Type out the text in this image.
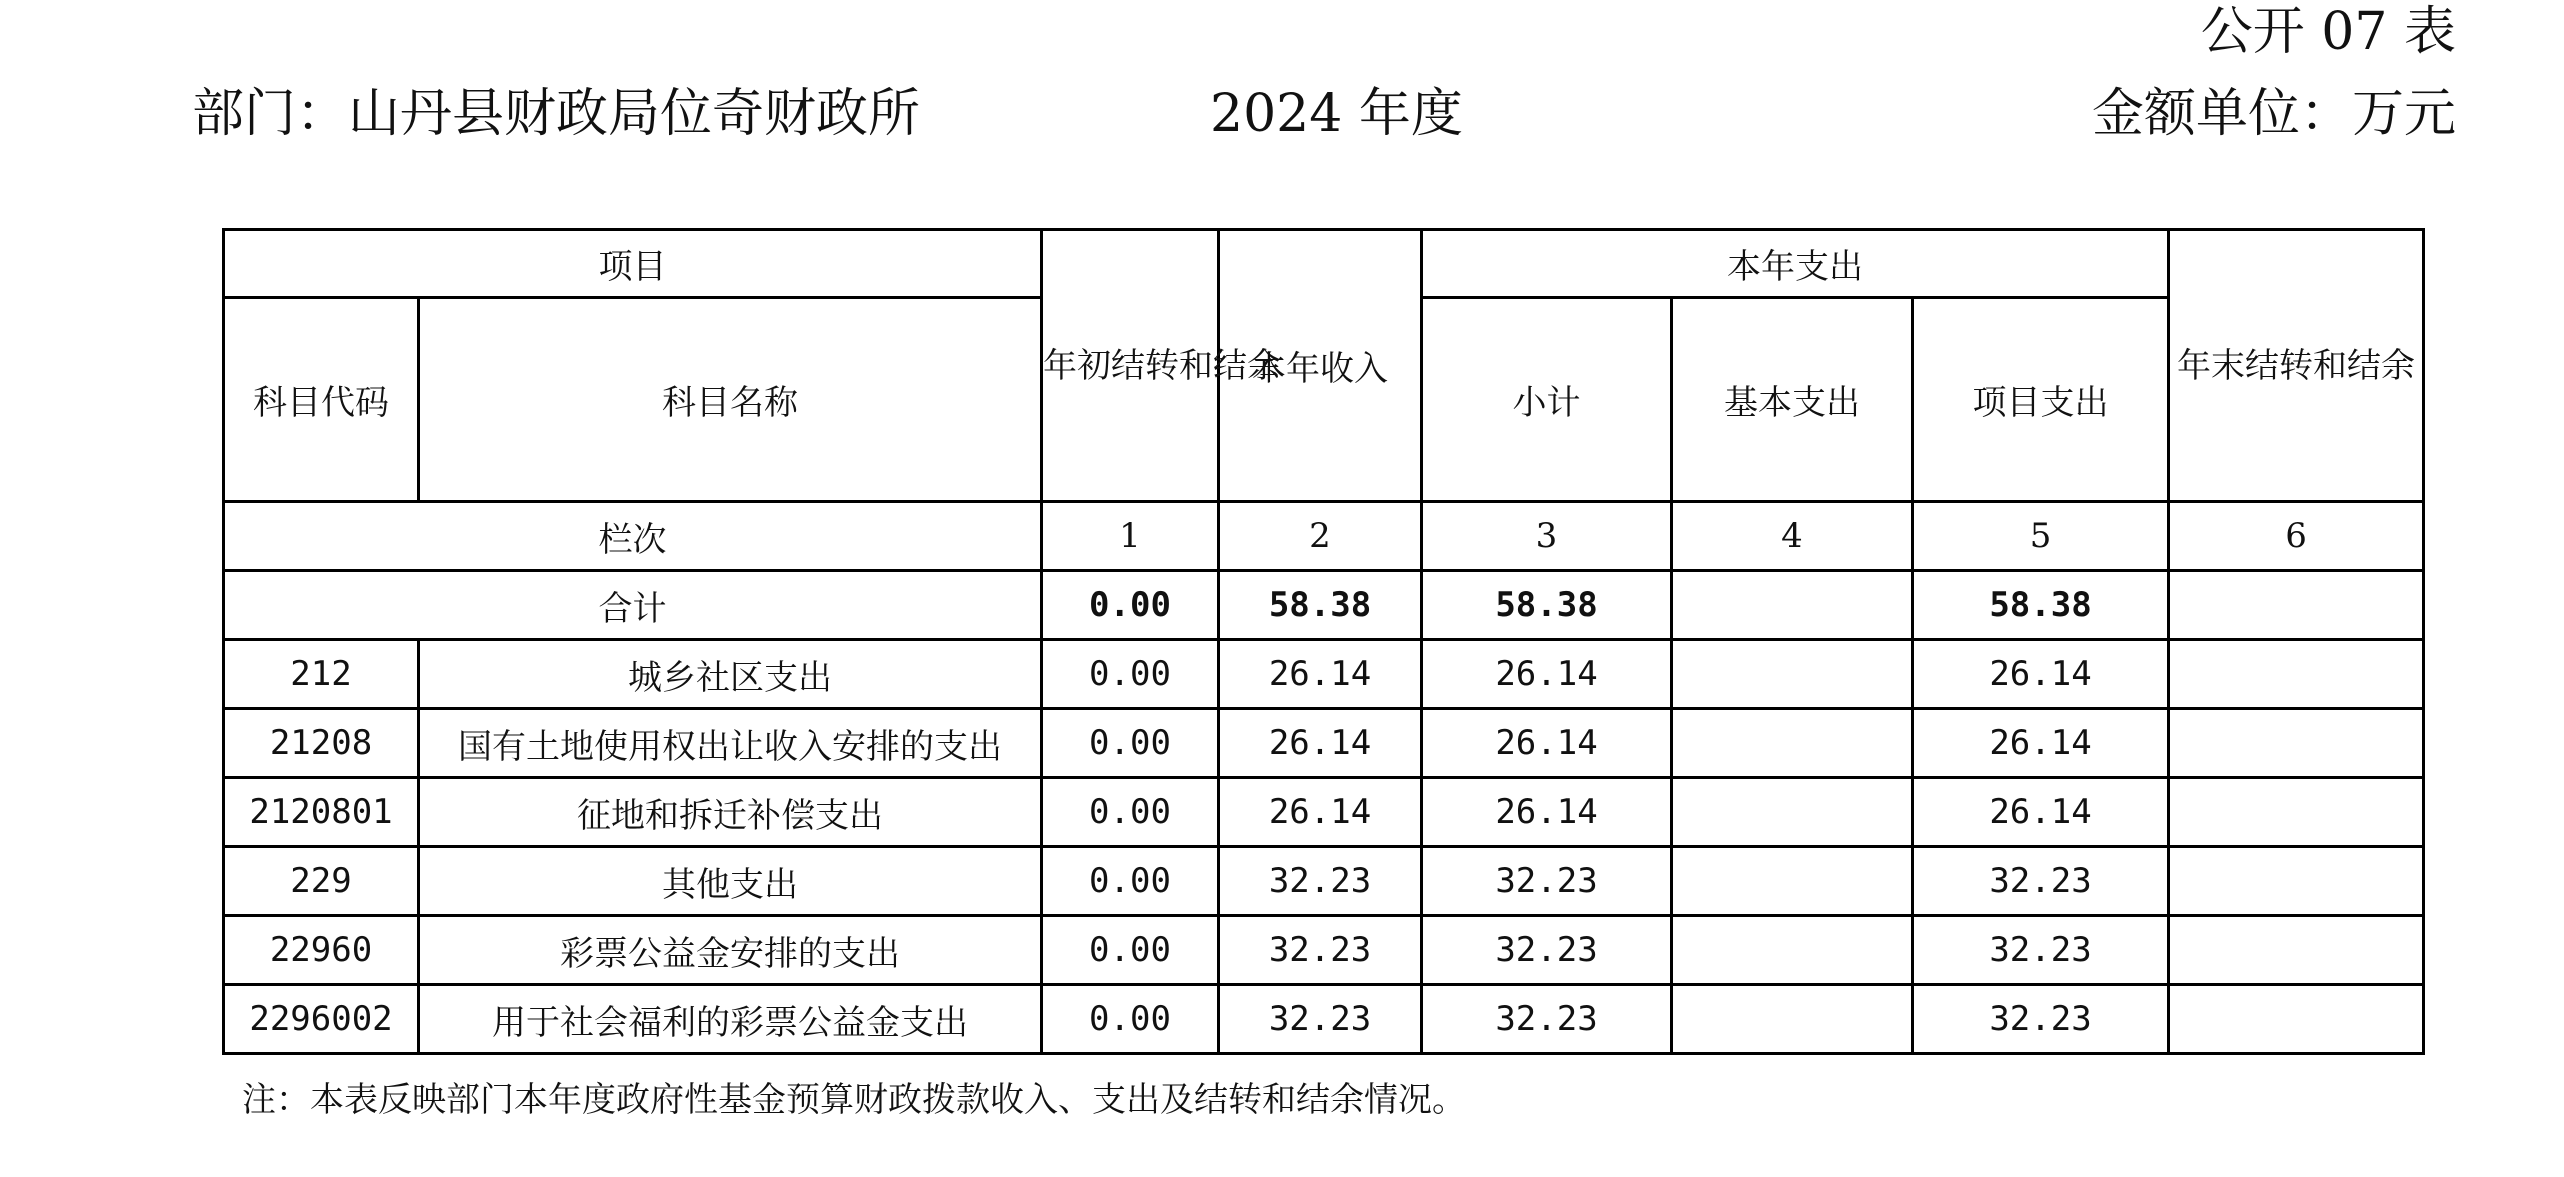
公开 07 表
部门：山丹县财政局位奇财政所	2024 年度	金额单位：万元
项目		年初结转和结余	本年收入	本年支出			年末结转和结余
科目代码	科目名称			小计	基本支出	项目支出	
栏次		1	2	3	4	5	6
合计		0.00	58.38	58.38		58.38	
212	城乡社区支出	0.00	26.14	26.14		26.14	
21208	国有土地使用权出让收入安排的支出	0.00	26.14	26.14		26.14	
2120801	征地和拆迁补偿支出	0.00	26.14	26.14		26.14	
229	其他支出	0.00	32.23	32.23		32.23	
22960	彩票公益金安排的支出	0.00	32.23	32.23		32.23	
2296002	用于社会福利的彩票公益金支出	0.00	32.23	32.23		32.23	
注：本表反映部门本年度政府性基金预算财政拨款收入、支出及结转和结余情况。
